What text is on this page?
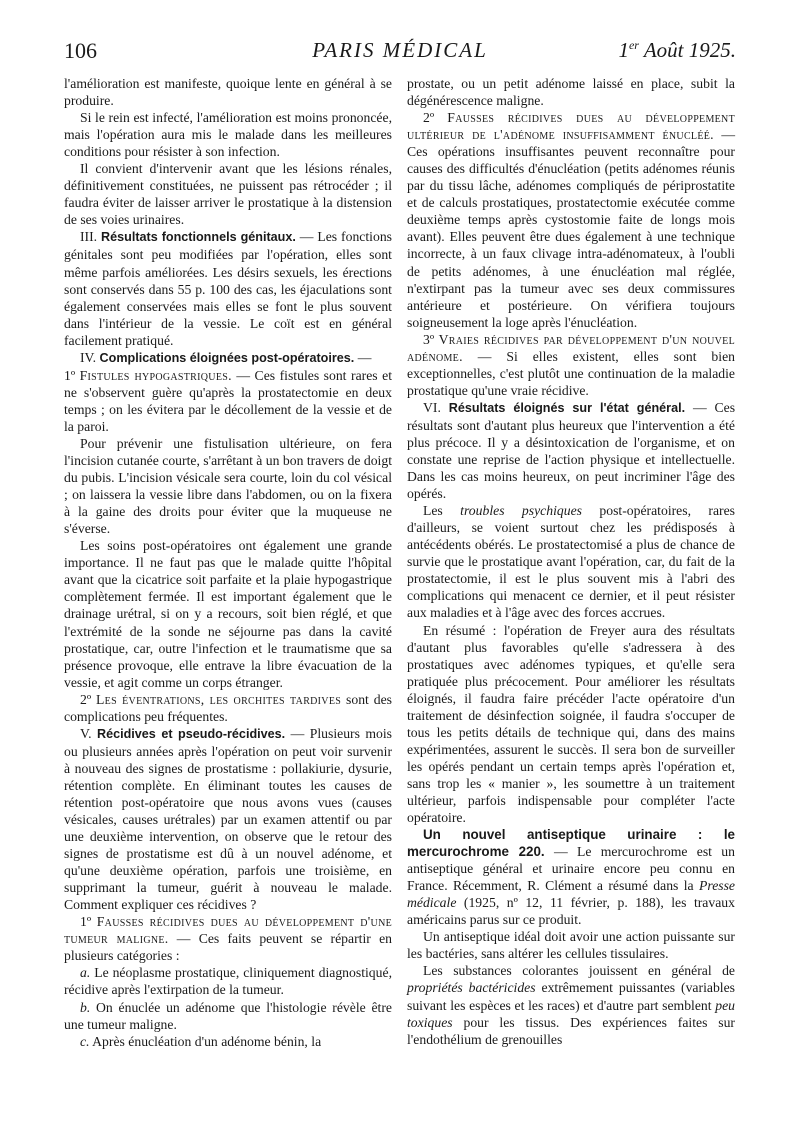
106	PARIS MÉDICAL	1er Août 1925.

l'amélioration est manifeste, quoique lente en général à se produire.

Si le rein est infecté, l'amélioration est moins prononcée, mais l'opération aura mis le malade dans les meilleures conditions pour résister à son infection.

Il convient d'intervenir avant que les lésions rénales, définitivement constituées, ne puissent pas rétrocéder ; il faudra éviter de laisser arriver le prostatique à la distension de ses voies urinaires.

III. Résultats fonctionnels génitaux. — Les fonctions génitales sont peu modifiées par l'opération, elles sont même parfois améliorées. Les désirs sexuels, les érections sont conservés dans 55 p. 100 des cas, les éjaculations sont également conservées mais elles se font le plus souvent dans l'intérieur de la vessie. Le coït est en général facilement pratiqué.

IV. Complications éloignées post-opératoires. —

1º Fistules hypogastriques. — Ces fistules sont rares et ne s'observent guère qu'après la prostatectomie en deux temps ; on les évitera par le décollement de la vessie et de la paroi.

Pour prévenir une fistulisation ultérieure, on fera l'incision cutanée courte, s'arrêtant à un bon travers de doigt du pubis. L'incision vésicale sera courte, loin du col vésical ; on laissera la vessie libre dans l'abdomen, ou on la fixera à la gaine des droits pour éviter que la muqueuse ne s'éverse.

Les soins post-opératoires ont également une grande importance. Il ne faut pas que le malade quitte l'hôpital avant que la cicatrice soit parfaite et la plaie hypogastrique complètement fermée. Il est important également que le drainage urétral, si on y a recours, soit bien réglé, et que l'extrémité de la sonde ne séjourne pas dans la cavité prostatique, car, outre l'infection et le traumatisme que sa présence provoque, elle entrave la libre évacuation de la vessie, et agit comme un corps étranger.

2º Les éventrations, les orchites tardives sont des complications peu fréquentes.

V. Récidives et pseudo-récidives. — Plusieurs mois ou plusieurs années après l'opération on peut voir survenir à nouveau des signes de prostatisme : pollakiurie, dysurie, rétention complète. En éliminant toutes les causes de rétention post-opératoire que nous avons vues (causes vésicales, causes urétrales) par un examen attentif ou par une deuxième intervention, on observe que le retour des signes de prostatisme est dû à un nouvel adénome, et qu'une deuxième opération, parfois une troisième, en supprimant la tumeur, guérit à nouveau le malade. Comment expliquer ces récidives ?

1º Fausses récidives dues au développement d'une tumeur maligne. — Ces faits peuvent se répartir en plusieurs catégories :

a. Le néoplasme prostatique, cliniquement diagnostiqué, récidive après l'extirpation de la tumeur.

b. On énuclée un adénome que l'histologie révèle être une tumeur maligne.

c. Après énucléation d'un adénome bénin, la

prostate, ou un petit adénome laissé en place, subit la dégénérescence maligne.

2º Fausses récidives dues au développement ultérieur de l'adénome insuffisamment énucléé. — Ces opérations insuffisantes peuvent reconnaître pour causes des difficultés d'énucléation (petits adénomes réunis par du tissu lâche, adénomes compliqués de périprostatite et de calculs prostatiques, prostatectomie exécutée comme deuxième temps après cystostomie faite de longs mois avant). Elles peuvent être dues également à une technique incorrecte, à un faux clivage intra-adénomateux, à l'oubli de petits adénomes, à une énucléation mal réglée, n'extirpant pas la tumeur avec ses deux commissures antérieure et postérieure. On vérifiera toujours soigneusement la loge après l'énucléation.

3º Vraies récidives par développement d'un nouvel adénome. — Si elles existent, elles sont bien exceptionnelles, c'est plutôt une continuation de la maladie prostatique qu'une vraie récidive.

VI. Résultats éloignés sur l'état général. — Ces résultats sont d'autant plus heureux que l'intervention a été plus précoce. Il y a désintoxication de l'organisme, et on constate une reprise de l'action physique et intellectuelle. Dans les cas moins heureux, on peut incriminer l'âge des opérés.

Les troubles psychiques post-opératoires, rares d'ailleurs, se voient surtout chez les prédisposés à antécédents obérés. Le prostatectomisé a plus de chance de survie que le prostatique avant l'opération, car, du fait de la prostatectomie, il est le plus souvent mis à l'abri des complications qui menacent ce dernier, et il peut résister aux maladies et à l'âge avec des forces accrues.

En résumé : l'opération de Freyer aura des résultats d'autant plus favorables qu'elle s'adressera à des prostatiques avec adénomes typiques, et qu'elle sera pratiquée plus précocement. Pour améliorer les résultats éloignés, il faudra faire précéder l'acte opératoire d'un traitement de désinfection soignée, il faudra s'occuper de tous les petits détails de technique qui, dans des mains expérimentées, assurent le succès. Il sera bon de surveiller les opérés pendant un certain temps après l'opération et, sans trop les « manier », les soumettre à un traitement ultérieur, parfois indispensable pour compléter l'acte opératoire.

Un nouvel antiseptique urinaire : le mercurochrome 220. — Le mercurochrome est un antiseptique général et urinaire encore peu connu en France. Récemment, R. Clément a résumé dans la Presse médicale (1925, nº 12, 11 février, p. 188), les travaux américains parus sur ce produit.

Un antiseptique idéal doit avoir une action puissante sur les bactéries, sans altérer les cellules tissulaires.

Les substances colorantes jouissent en général de propriétés bactéricides extrêmement puissantes (variables suivant les espèces et les races) et d'autre part semblent peu toxiques pour les tissus. Des expériences faites sur l'endothélium de grenouilles
